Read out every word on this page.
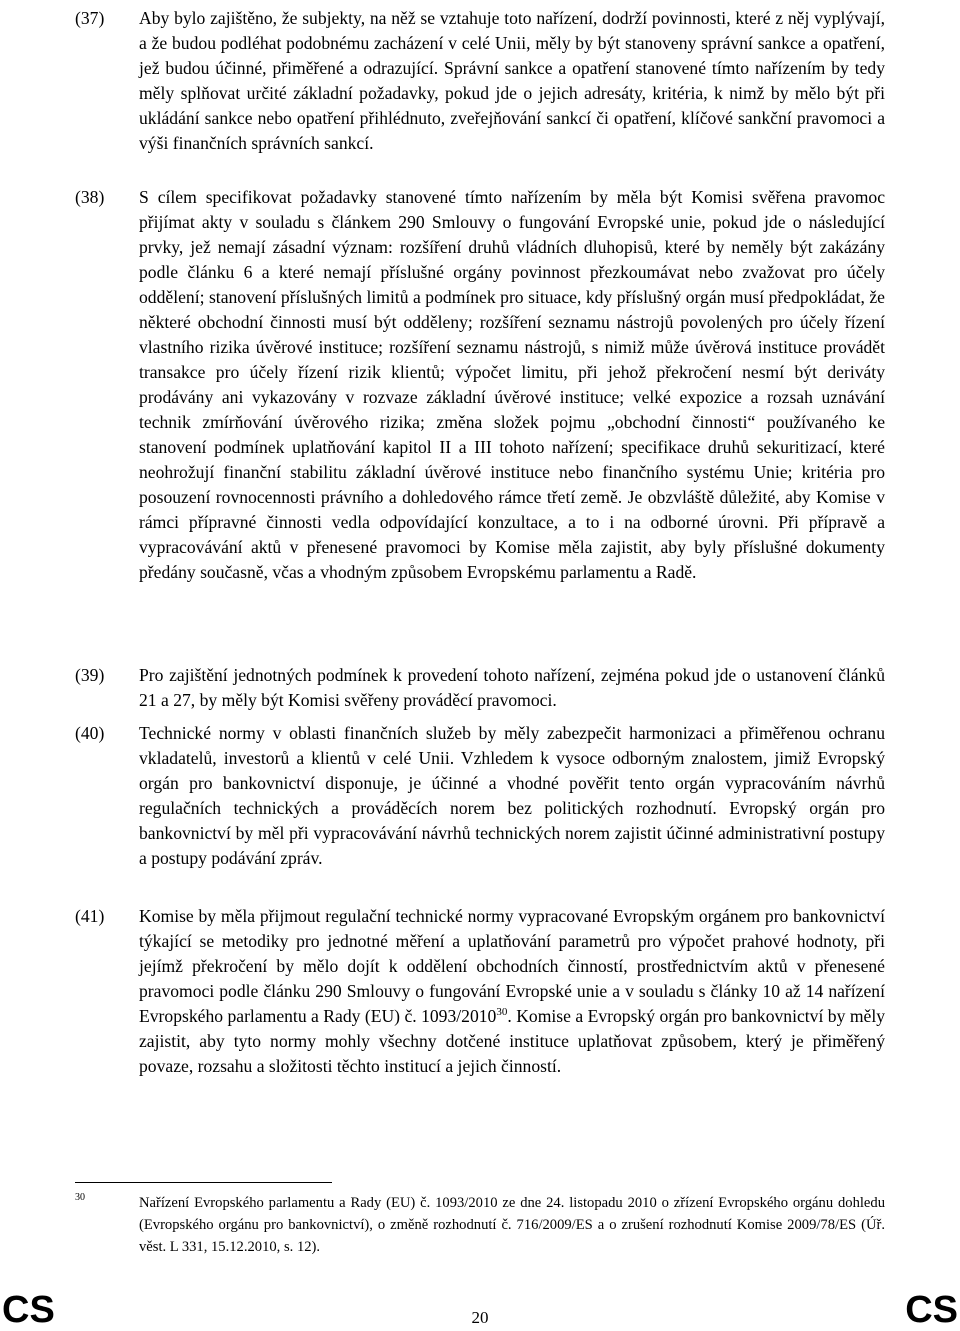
(37) Aby bylo zajištěno, že subjekty, na něž se vztahuje toto nařízení, dodrží povinnosti, které z něj vyplývají, a že budou podléhat podobnému zacházení v celé Unii, měly by být stanoveny správní sankce a opatření, jež budou účinné, přiměřené a odrazující. Správní sankce a opatření stanovené tímto nařízením by tedy měly splňovat určité základní požadavky, pokud jde o jejich adresáty, kritéria, k nimž by mělo být při ukládání sankce nebo opatření přihlédnuto, zveřejňování sankcí či opatření, klíčové sankční pravomoci a výši finančních správních sankcí.
(38) S cílem specifikovat požadavky stanovené tímto nařízením by měla být Komisi svěřena pravomoc přijímat akty v souladu s článkem 290 Smlouvy o fungování Evropské unie, pokud jde o následující prvky, jež nemají zásadní význam: rozšíření druhů vládních dluhopisů, které by neměly být zakázány podle článku 6 a které nemají příslušné orgány povinnost přezkoumávat nebo zvažovat pro účely oddělení; stanovení příslušných limitů a podmínek pro situace, kdy příslušný orgán musí předpokládat, že některé obchodní činnosti musí být odděleny; rozšíření seznamu nástrojů povolených pro účely řízení vlastního rizika úvěrové instituce; rozšíření seznamu nástrojů, s nimiž může úvěrová instituce provádět transakce pro účely řízení rizik klientů; výpočet limitu, při jehož překročení nesmí být deriváty prodávány ani vykazovány v rozvaze základní úvěrové instituce; velké expozice a rozsah uznávání technik zmírňování úvěrového rizika; změna složek pojmu „obchodní činnosti“ používaného ke stanovení podmínek uplatňování kapitol II a III tohoto nařízení; specifikace druhů sekuritizací, které neohrožují finanční stabilitu základní úvěrové instituce nebo finančního systému Unie; kritéria pro posouzení rovnocennosti právního a dohledového rámce třetí země. Je obzvláště důležité, aby Komise v rámci přípravné činnosti vedla odpovídající konzultace, a to i na odborné úrovni. Při přípravě a vypracovávání aktů v přenesené pravomoci by Komise měla zajistit, aby byly příslušné dokumenty předány současně, včas a vhodným způsobem Evropskému parlamentu a Radě.
(39) Pro zajištění jednotných podmínek k provedení tohoto nařízení, zejména pokud jde o ustanovení článků 21 a 27, by měly být Komisi svěřeny prováděcí pravomoci.
(40) Technické normy v oblasti finančních služeb by měly zabezpečit harmonizaci a přiměřenou ochranu vkladatelů, investorů a klientů v celé Unii. Vzhledem k vysoce odborným znalostem, jimiž Evropský orgán pro bankovnictví disponuje, je účinné a vhodné pověřit tento orgán vypracováním návrhů regulačních technických a prováděcích norem bez politických rozhodnutí. Evropský orgán pro bankovnictví by měl při vypracovávání návrhů technických norem zajistit účinné administrativní postupy a postupy podávání zpráv.
(41) Komise by měla přijmout regulační technické normy vypracované Evropským orgánem pro bankovnictví týkající se metodiky pro jednotné měření a uplatňování parametrů pro výpočet prahové hodnoty, při jejímž překročení by mělo dojít k oddělení obchodních činností, prostřednictvím aktů v přenesené pravomoci podle článku 290 Smlouvy o fungování Evropské unie a v souladu s články 10 až 14 nařízení Evropského parlamentu a Rady (EU) č. 1093/2010$^{30}$. Komise a Evropský orgán pro bankovnictví by měly zajistit, aby tyto normy mohly všechny dotčené instituce uplatňovat způsobem, který je přiměřený povaze, rozsahu a složitosti těchto institucí a jejich činností.
30	Nařízení Evropského parlamentu a Rady (EU) č. 1093/2010 ze dne 24. listopadu 2010 o zřízení Evropského orgánu dohledu (Evropského orgánu pro bankovnictví), o změně rozhodnutí č. 716/2009/ES a o zrušení rozhodnutí Komise 2009/78/ES (Úř. věst. L 331, 15.12.2010, s. 12).
CS	20	CS
